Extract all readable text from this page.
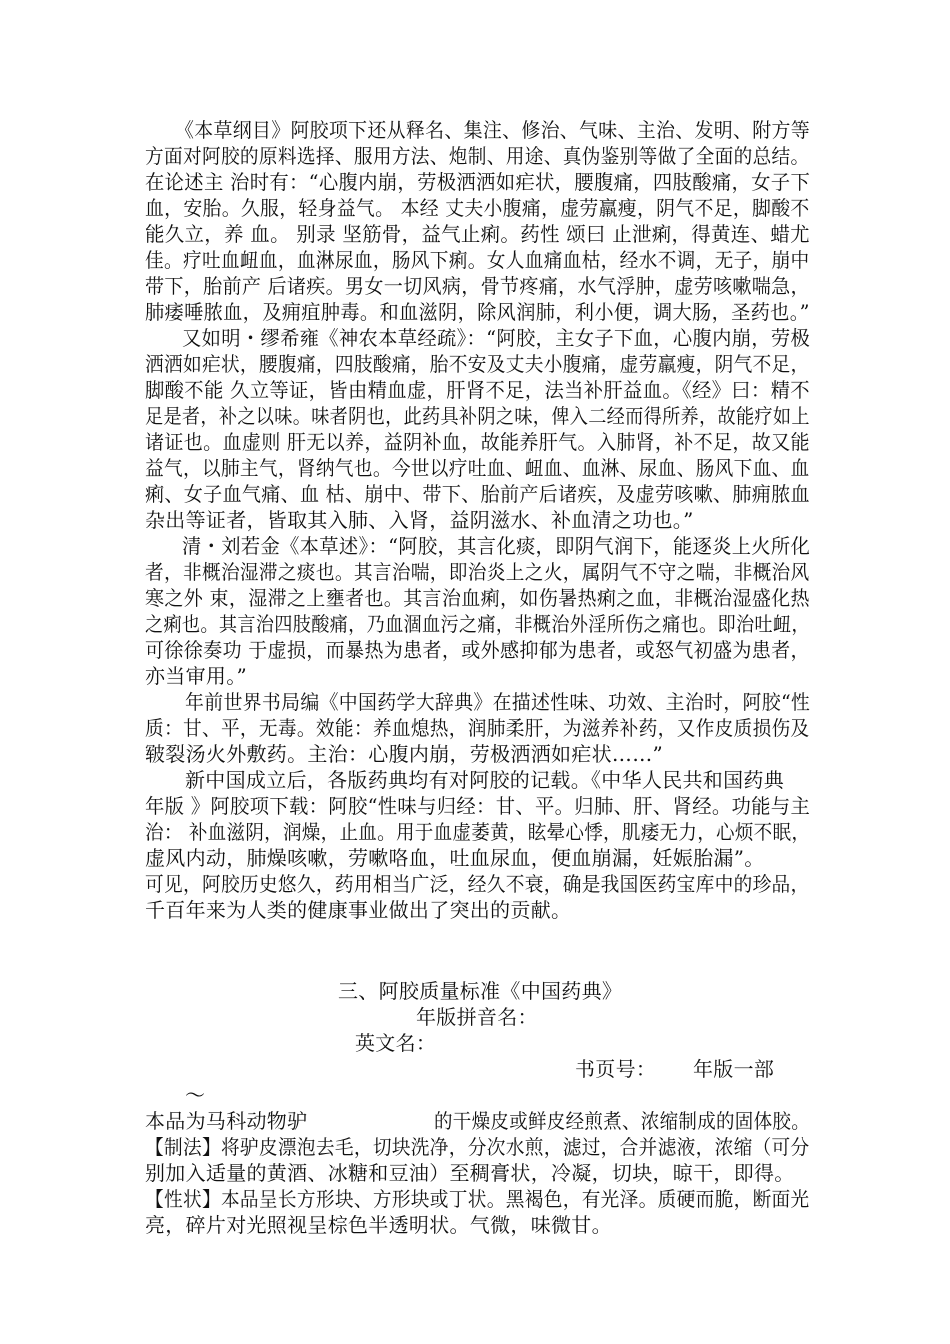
《本草纲目》阿胶项下还从释名、集注、修治、气味、主治、发明、附方等
方面对阿胶的原料选择、服用方法、炮制、用途、真伪鉴别等做了全面的总结。
在论述主 治时有：“心腹内崩，劳极洒洒如疟状，腰腹痛，四肢酸痛，女子下
血，安胎。久服，轻身益气。 本经 丈夫小腹痛，虚劳羸瘦，阴气不足，脚酸不
能久立，养 血。 别录 坚筋骨，益气止痢。药性 颂曰 止泄痢，得黄连、蜡尤
佳。疗吐血衄血，血淋尿血，肠风下痢。女人血痛血枯，经水不调，无子，崩中
带下，胎前产 后诸疾。男女一切风病，骨节疼痛，水气浮肿，虚劳咳嗽喘急，
肺痿唾脓血，及痈疽肿毒。和血滋阴，除风润肺，利小便，调大肠，圣药也。”
又如明・缪希雍《神农本草经疏》：“阿胶，主女子下血，心腹内崩，劳极
洒洒如疟状，腰腹痛，四肢酸痛，胎不安及丈夫小腹痛，虚劳羸瘦，阴气不足，
脚酸不能 久立等证，皆由精血虚，肝肾不足，法当补肝益血。《经》曰：精不
足是者，补之以味。味者阴也，此药具补阴之味，俾入二经而得所养，故能疗如上
诸证也。血虚则 肝无以养，益阴补血，故能养肝气。入肺肾，补不足，故又能
益气，以肺主气，肾纳气也。今世以疗吐血、衄血、血淋、尿血、肠风下血、血
痢、女子血气痛、血 枯、崩中、带下、胎前产后诸疾，及虚劳咳嗽、肺痈脓血
杂出等证者，皆取其入肺、入肾，益阴滋水、补血清之功也。”
清・刘若金《本草述》：“阿胶，其言化痰，即阴气润下，能逐炎上火所化
者，非概治湿滞之痰也。其言治喘，即治炎上之火，属阴气不守之喘，非概治风
寒之外 束，湿滞之上壅者也。其言治血痢，如伤暑热痢之血，非概治湿盛化热
之痢也。其言治四肢酸痛，乃血涸血污之痛，非概治外淫所伤之痛也。即治吐衄，
可徐徐奏功 于虚损，而暴热为患者，或外感抑郁为患者，或怒气初盛为患者，
亦当审用。”
年前世界书局编《中国药学大辞典》在描述性味、功效、主治时，阿胶“性
质：甘、平，无毒。效能：养血熄热，润肺柔肝，为滋养补药，又作皮质损伤及
皲裂汤火外敷药。主治：心腹内崩，劳极洒洒如疟状……”
新中国成立后，各版药典均有对阿胶的记载。《中华人民共和国药典
年版 》阿胶项下载：阿胶“性味与归经：甘、平。归肺、肝、肾经。功能与主
治： 补血滋阴，润燥，止血。用于血虚萎黄，眩晕心悸，肌痿无力，心烦不眠，
虚风内动，肺燥咳嗽，劳嗽咯血，吐血尿血，便血崩漏，妊娠胎漏”。
可见，阿胶历史悠久，药用相当广泛，经久不衰，确是我国医药宝库中的珍品，
千百年来为人类的健康事业做出了突出的贡献。
三、阿胶质量标准《中国药典》
年版拼音名：
英文名：
书页号： 年版一部
～
本品为马科动物驴	的干燥皮或鲜皮经煎煮、浓缩制成的固体胶。
【制法】将驴皮漂泡去毛，切块洗净，分次水煎，滤过，合并滤液，浓缩（可分
别加入适量的黄酒、冰糖和豆油）至稠膏状，冷凝，切块，晾干，即得。
【性状】本品呈长方形块、方形块或丁状。黑褐色，有光泽。质硬而脆，断面光
亮，碎片对光照视呈棕色半透明状。气微，味微甘。
